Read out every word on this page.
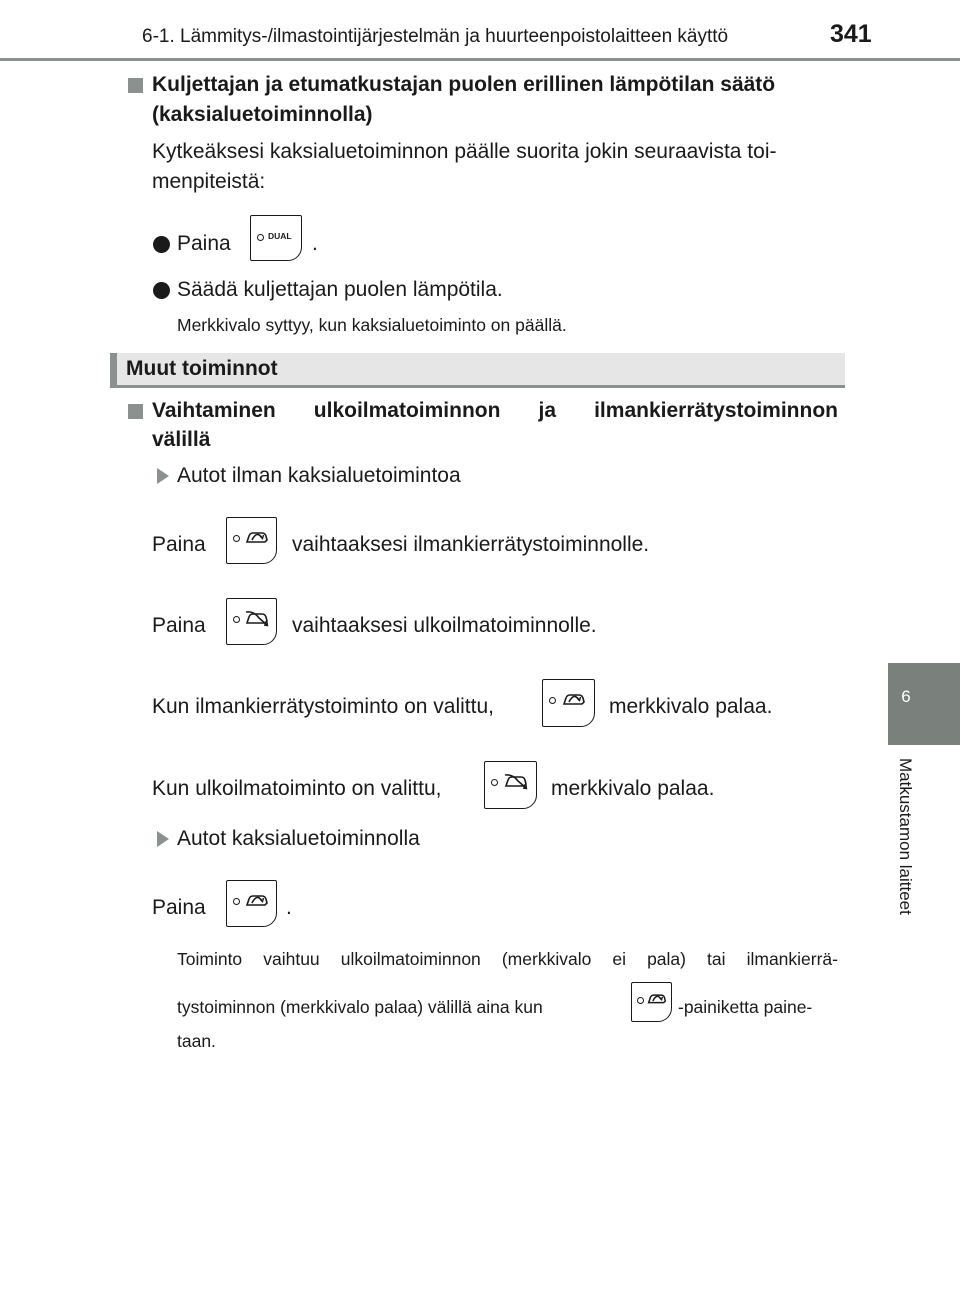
6-1. Lämmitys-/ilmastointijärjestelmän ja huurteenpoistolaitteen käyttö	341
6
Matkustamon laitteet
Kuljettajan ja etumatkustajan puolen erillinen lämpötilan säätö
(kaksialuetoiminnolla)
Kytkeäksesi kaksialuetoiminnon päälle suorita jokin seuraavista toi-
menpiteistä:
Paina	DUAL .
Säädä kuljettajan puolen lämpötila.
Merkkivalo syttyy, kun kaksialuetoiminto on päällä.
Muut toiminnot
Vaihtaminen ulkoilmatoiminnon ja ilmankierrätystoiminnon
välillä
Autot ilman kaksialuetoimintoa
Paina	vaihtaaksesi ilmankierrätystoiminnolle.
Paina	vaihtaaksesi ulkoilmatoiminnolle.
Kun ilmankierrätystoiminto on valittu,	merkkivalo palaa.
Kun ulkoilmatoiminto on valittu,	merkkivalo palaa.
Autot kaksialuetoiminnolla
Paina	.
Toiminto vaihtuu ulkoilmatoiminnon (merkkivalo ei pala) tai ilmankierrä-
tystoiminnon (merkkivalo palaa) välillä aina kun	-painiketta paine-
taan.
